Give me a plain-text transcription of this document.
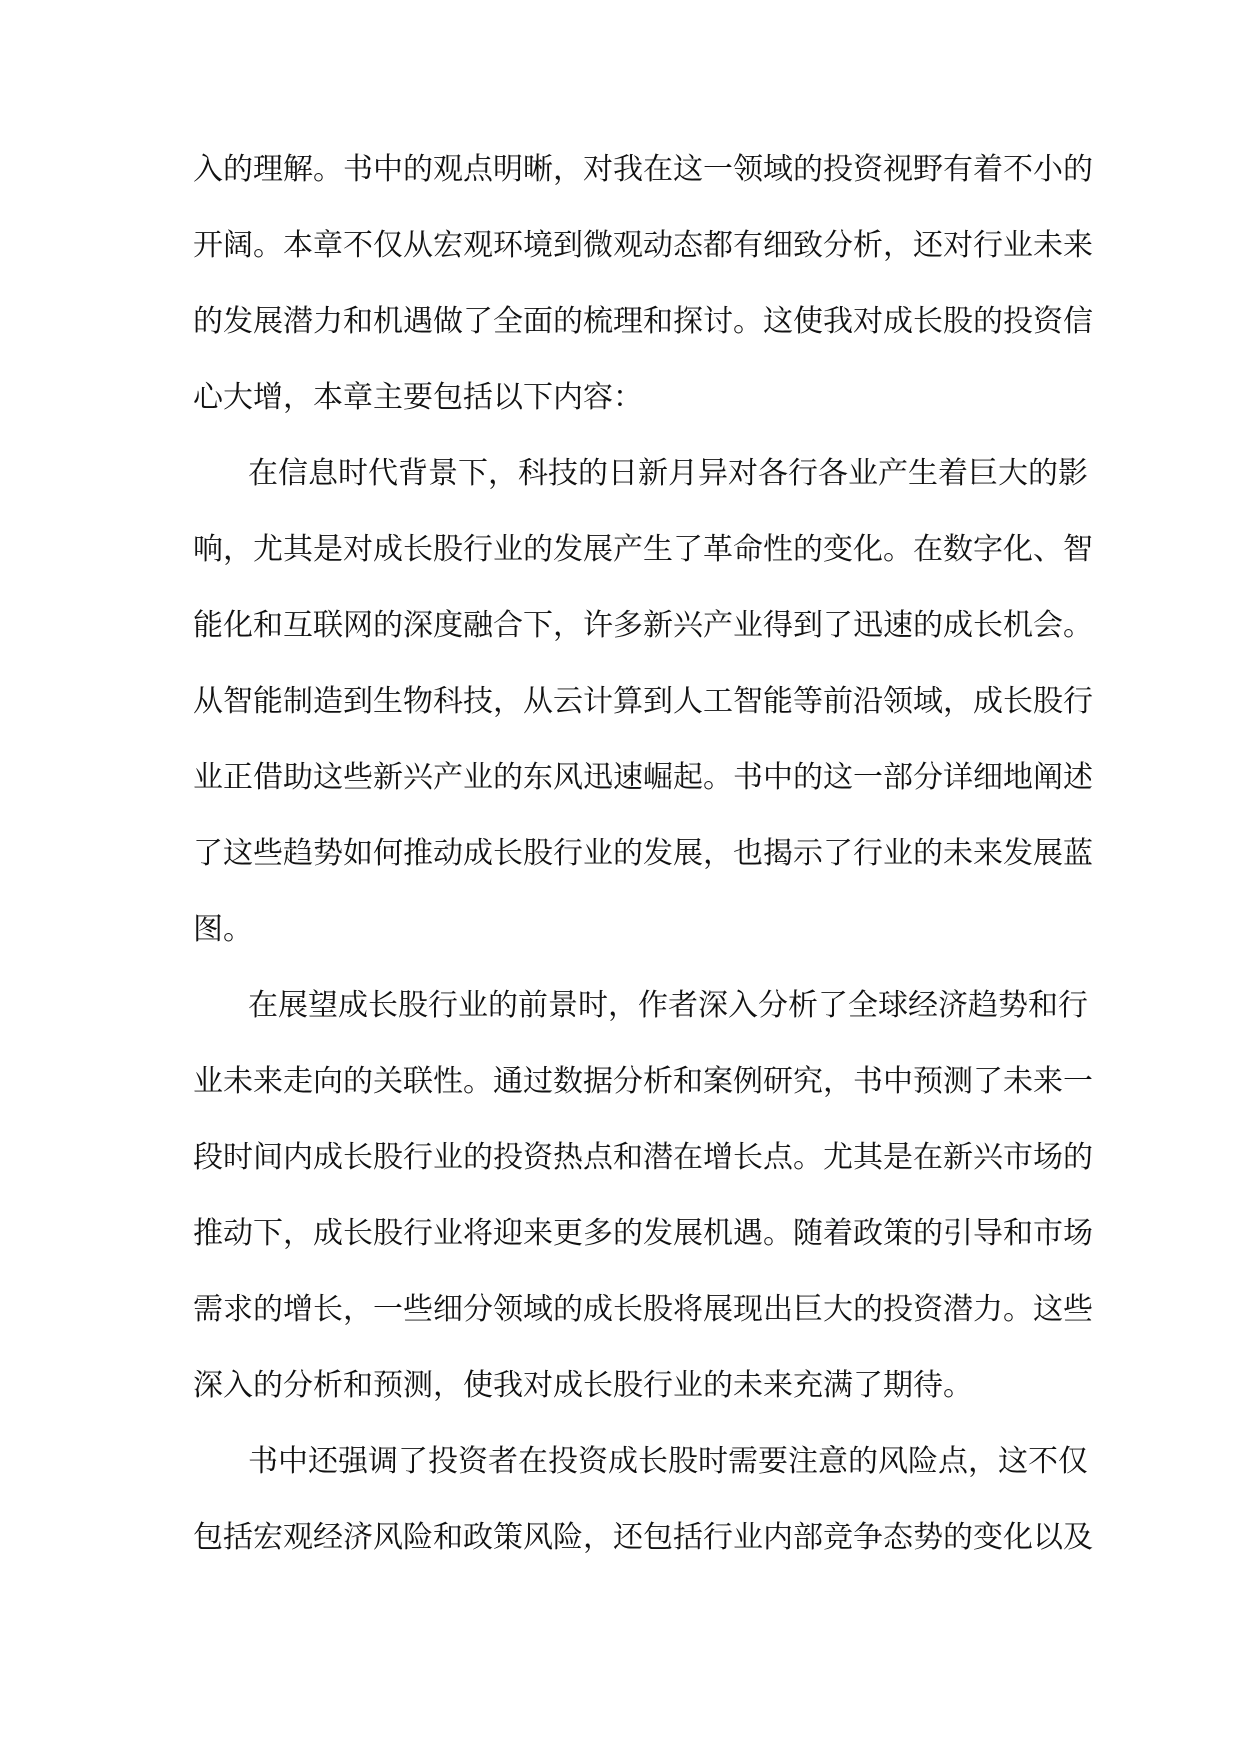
入的理解。书中的观点明晰，对我在这一领域的投资视野有着不小的
开阔。本章不仅从宏观环境到微观动态都有细致分析，还对行业未来
的发展潜力和机遇做了全面的梳理和探讨。这使我对成长股的投资信
心大增，本章主要包括以下内容：
在信息时代背景下，科技的日新月异对各行各业产生着巨大的影
响，尤其是对成长股行业的发展产生了革命性的变化。在数字化、智
能化和互联网的深度融合下，许多新兴产业得到了迅速的成长机会。
从智能制造到生物科技，从云计算到人工智能等前沿领域，成长股行
业正借助这些新兴产业的东风迅速崛起。书中的这一部分详细地阐述
了这些趋势如何推动成长股行业的发展，也揭示了行业的未来发展蓝
图。
在展望成长股行业的前景时，作者深入分析了全球经济趋势和行
业未来走向的关联性。通过数据分析和案例研究，书中预测了未来一
段时间内成长股行业的投资热点和潜在增长点。尤其是在新兴市场的
推动下，成长股行业将迎来更多的发展机遇。随着政策的引导和市场
需求的增长，一些细分领域的成长股将展现出巨大的投资潜力。这些
深入的分析和预测，使我对成长股行业的未来充满了期待。
书中还强调了投资者在投资成长股时需要注意的风险点，这不仅
包括宏观经济风险和政策风险，还包括行业内部竞争态势的变化以及
